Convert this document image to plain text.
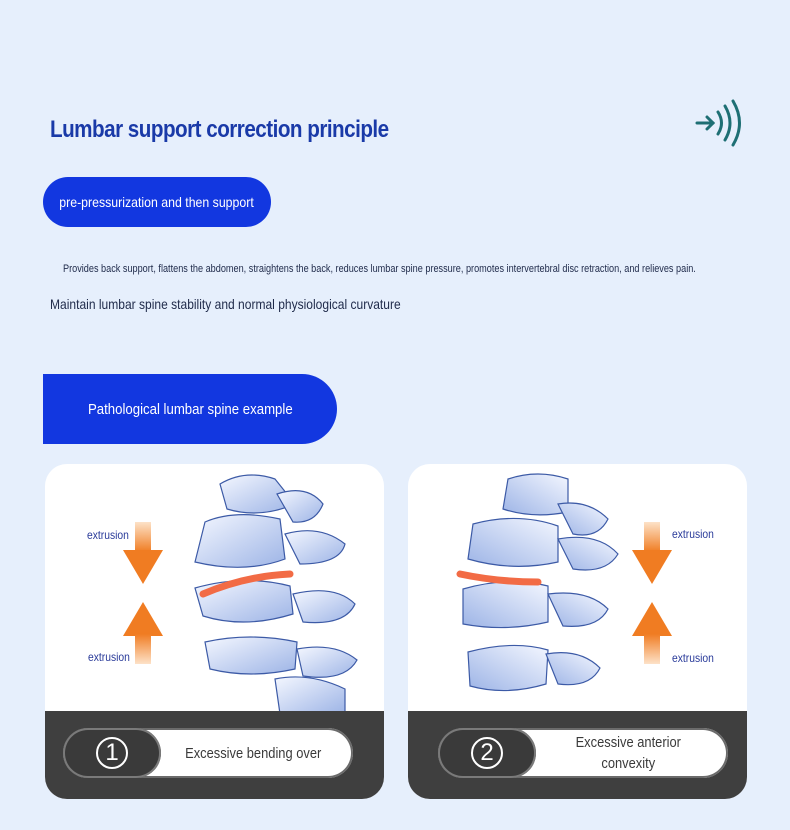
Lumbar support correction principle
pre-pressurization and then support
Provides back support, flattens the abdomen, straightens the back, reduces lumbar spine pressure, promotes intervertebral disc retraction, and relieves pain.
Maintain lumbar spine stability and normal physiological curvature
Pathological lumbar spine example
extrusion
extrusion
1	Excessive bending over
extrusion
extrusion
2	Excessive anterior
convexity
